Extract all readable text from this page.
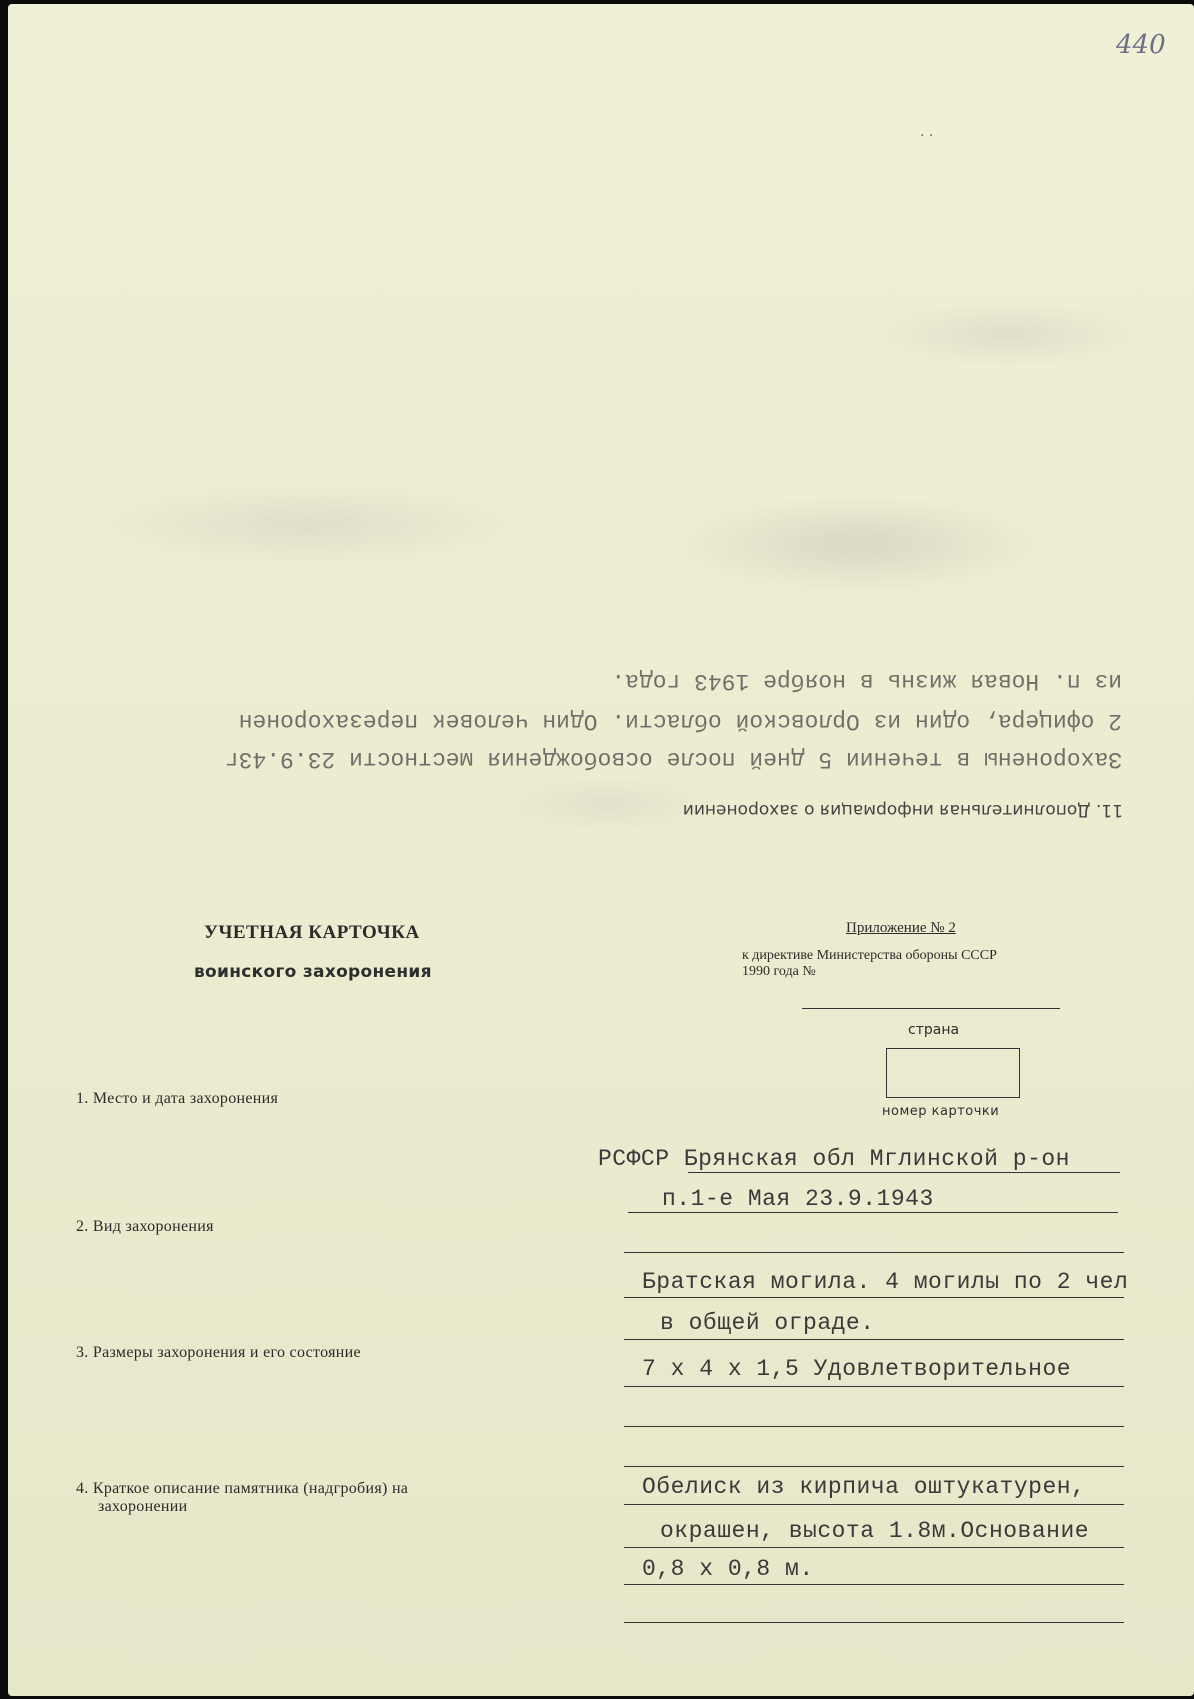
440
· ·
11. Дополнительная информация о захоронении
Захоронены в течении 5 дней после освобождения местности 23.9.43г
2 офицера, один из Орловской области. Один человек перезахоронен
из п. Новая жизнь в ноябре 1943 года.
УЧЕТНАЯ КАРТОЧКА
воинского захоронения
Приложение № 2
к директиве Министерства обороны СССР
1990 года №
страна
номер карточки
1. Место и дата захоронения
РСФСР Брянская обл Мглинской р-он
п.1-е Мая 23.9.1943
2. Вид захоронения
Братская могила. 4 могилы по 2 чел
в общей ограде.
3. Размеры захоронения и его состояние
7 х 4 х 1,5 Удовлетворительное
4. Краткое описание памятника (надгробия) на
захоронении
Обелиск из кирпича оштукатурен,
окрашен, высота 1.8м.Основание
0,8 х 0,8 м.
